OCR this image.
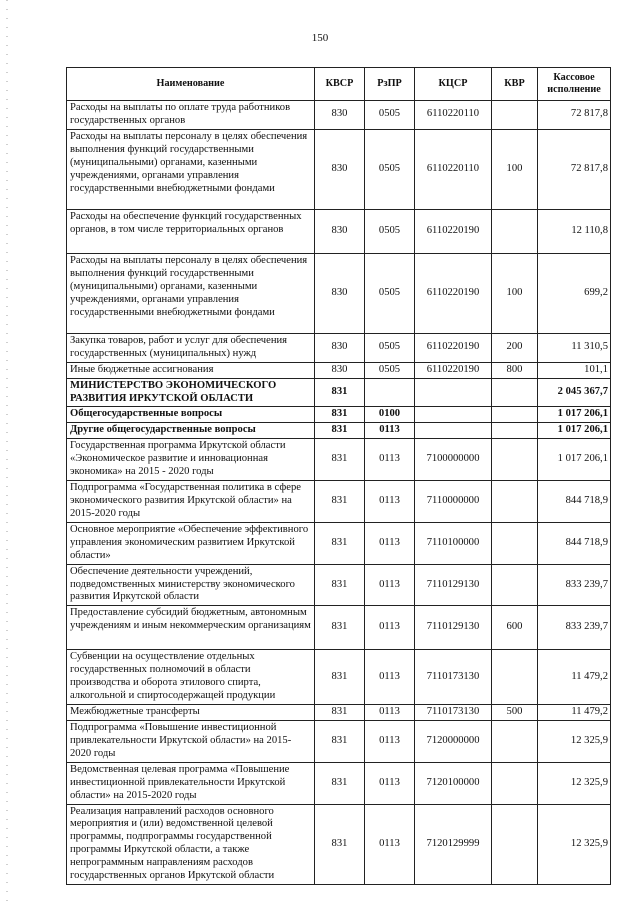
150
Наименование	КВСР	РзПР	КЦСР	КВР	Кассовое исполнение
Расходы на выплаты по оплате труда работников государственных органов	830	0505	6110220110		72 817,8
Расходы на выплаты персоналу в целях обеспечения выполнения функций государственными (муниципальными) органами, казенными учреждениями, органами управления государственными внебюджетными фондами	830	0505	6110220110	100	72 817,8
Расходы на обеспечение функций государственных органов, в том числе территориальных органов	830	0505	6110220190		12 110,8
Расходы на выплаты персоналу в целях обеспечения выполнения функций государственными (муниципальными) органами, казенными учреждениями, органами управления государственными внебюджетными фондами	830	0505	6110220190	100	699,2
Закупка товаров, работ и услуг для обеспечения государственных (муниципальных) нужд	830	0505	6110220190	200	11 310,5
Иные бюджетные ассигнования	830	0505	6110220190	800	101,1
МИНИСТЕРСТВО ЭКОНОМИЧЕСКОГО РАЗВИТИЯ ИРКУТСКОЙ ОБЛАСТИ	831				2 045 367,7
Общегосударственные вопросы	831	0100			1 017 206,1
Другие общегосударственные вопросы	831	0113			1 017 206,1
Государственная программа Иркутской области «Экономическое развитие и инновационная экономика» на 2015 - 2020 годы	831	0113	7100000000		1 017 206,1
Подпрограмма «Государственная политика в сфере экономического развития Иркутской области» на 2015-2020 годы	831	0113	7110000000		844 718,9
Основное мероприятие «Обеспечение эффективного управления экономическим развитием Иркутской области»	831	0113	7110100000		844 718,9
Обеспечение деятельности учреждений, подведомственных министерству экономического развития Иркутской области	831	0113	7110129130		833 239,7
Предоставление субсидий бюджетным, автономным учреждениям и иным некоммерческим организациям	831	0113	7110129130	600	833 239,7
Субвенции на осуществление отдельных государственных полномочий в области производства и оборота этилового спирта, алкогольной и спиртосодержащей продукции	831	0113	7110173130		11 479,2
Межбюджетные трансферты	831	0113	7110173130	500	11 479,2
Подпрограмма «Повышение инвестиционной привлекательности Иркутской области» на 2015-2020 годы	831	0113	7120000000		12 325,9
Ведомственная целевая программа «Повышение инвестиционной привлекательности Иркутской области» на 2015-2020 годы	831	0113	7120100000		12 325,9
Реализация направлений расходов основного мероприятия и (или) ведомственной целевой программы, подпрограммы государственной программы Иркутской области, а также непрограммным направлениям расходов государственных органов Иркутской области	831	0113	7120129999		12 325,9
